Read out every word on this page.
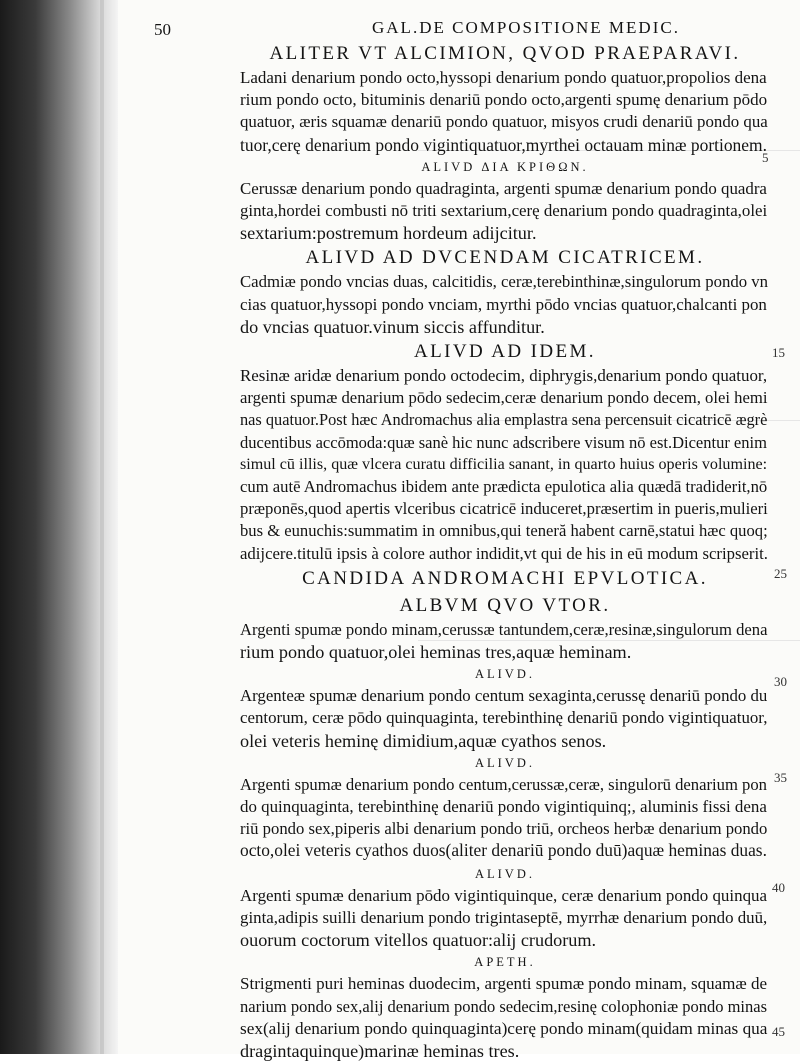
50	GAL.DE COMPOSITIONE MEDIC.
5
15
25
30
35
40
45
ALITER VT ALCIMION, QVOD PRAEPARAVI.
Ladani denarium pondo octo,hyssopi denarium pondo quatuor,propolios dena
rium pondo octo, bituminis denariū pondo octo,argenti spumę denarium pōdo
quatuor, æris squamæ denariū pondo quatuor, misyos crudi denariū pondo qua
tuor,cerę denarium pondo vigintiquatuor,myrthei octauam minæ portionem.
ALIVD ΔΙΑ ΚΡΙΘΩΝ.
Cerussæ denarium pondo quadraginta, argenti spumæ denarium pondo quadra
ginta,hordei combusti nō triti sextarium,cerę denarium pondo quadraginta,olei
sextarium:postremum hordeum adijcitur.
ALIVD AD DVCENDAM CICATRICEM.
Cadmiæ pondo vncias duas, calcitidis, ceræ,terebinthinæ,singulorum pondo vn
cias quatuor,hyssopi pondo vnciam, myrthi pōdo vncias quatuor,chalcanti pon
do vncias quatuor.vinum siccis affunditur.
ALIVD AD IDEM.
Resinæ aridæ denarium pondo octodecim, diphrygis,denarium pondo quatuor,
argenti spumæ denarium pōdo sedecim,ceræ denarium pondo decem, olei hemi
nas quatuor.Post hæc Andromachus alia emplastra sena percensuit cicatricē ægrè
ducentibus accōmoda:quæ sanè hic nunc adscribere visum nō est.Dicentur enim
simul cū illis, quæ vlcera curatu difficilia sanant, in quarto huius operis volumine:
cum autē Andromachus ibidem ante prædicta epulotica alia quædā tradiderit,nō
præponēs,quod apertis vlceribus cicatricē induceret,præsertim in pueris,mulieri
bus & eunuchis:summatim in omnibus,qui teneră habent carnē,statui hæc quoq;
adijcere.titulū ipsis à colore author indidit,vt qui de his in eū modum scripserit.
CANDIDA ANDROMACHI EPVLOTICA.
ALBVM QVO VTOR.
Argenti spumæ pondo minam,cerussæ tantundem,ceræ,resinæ,singulorum dena
rium pondo quatuor,olei heminas tres,aquæ heminam.
ALIVD.
Argenteæ spumæ denarium pondo centum sexaginta,cerussę denariū pondo du
centorum, ceræ pōdo quinquaginta, terebinthinę denariū pondo vigintiquatuor,
olei veteris heminę dimidium,aquæ cyathos senos.
ALIVD.
Argenti spumæ denarium pondo centum,cerussæ,ceræ, singulorū denarium pon
do quinquaginta, terebinthinę denariū pondo vigintiquinq;, aluminis fissi dena
riū pondo sex,piperis albi denarium pondo triū, orcheos herbæ denarium pondo
octo,olei veteris cyathos duos(aliter denariū pondo duū)aquæ heminas duas.
ALIVD.
Argenti spumæ denarium pōdo vigintiquinque, ceræ denarium pondo quinqua
ginta,adipis suilli denarium pondo trigintaseptē, myrrhæ denarium pondo duū,
ouorum coctorum vitellos quatuor:alij crudorum.
APETH.
Strigmenti puri heminas duodecim, argenti spumæ pondo minam, squamæ de
narium pondo sex,alij denarium pondo sedecim,resinę colophoniæ pondo minas
sex(alij denarium pondo quinquaginta)cerę pondo minam(quidam minas qua
dragintaquinque)marinæ heminas tres.
